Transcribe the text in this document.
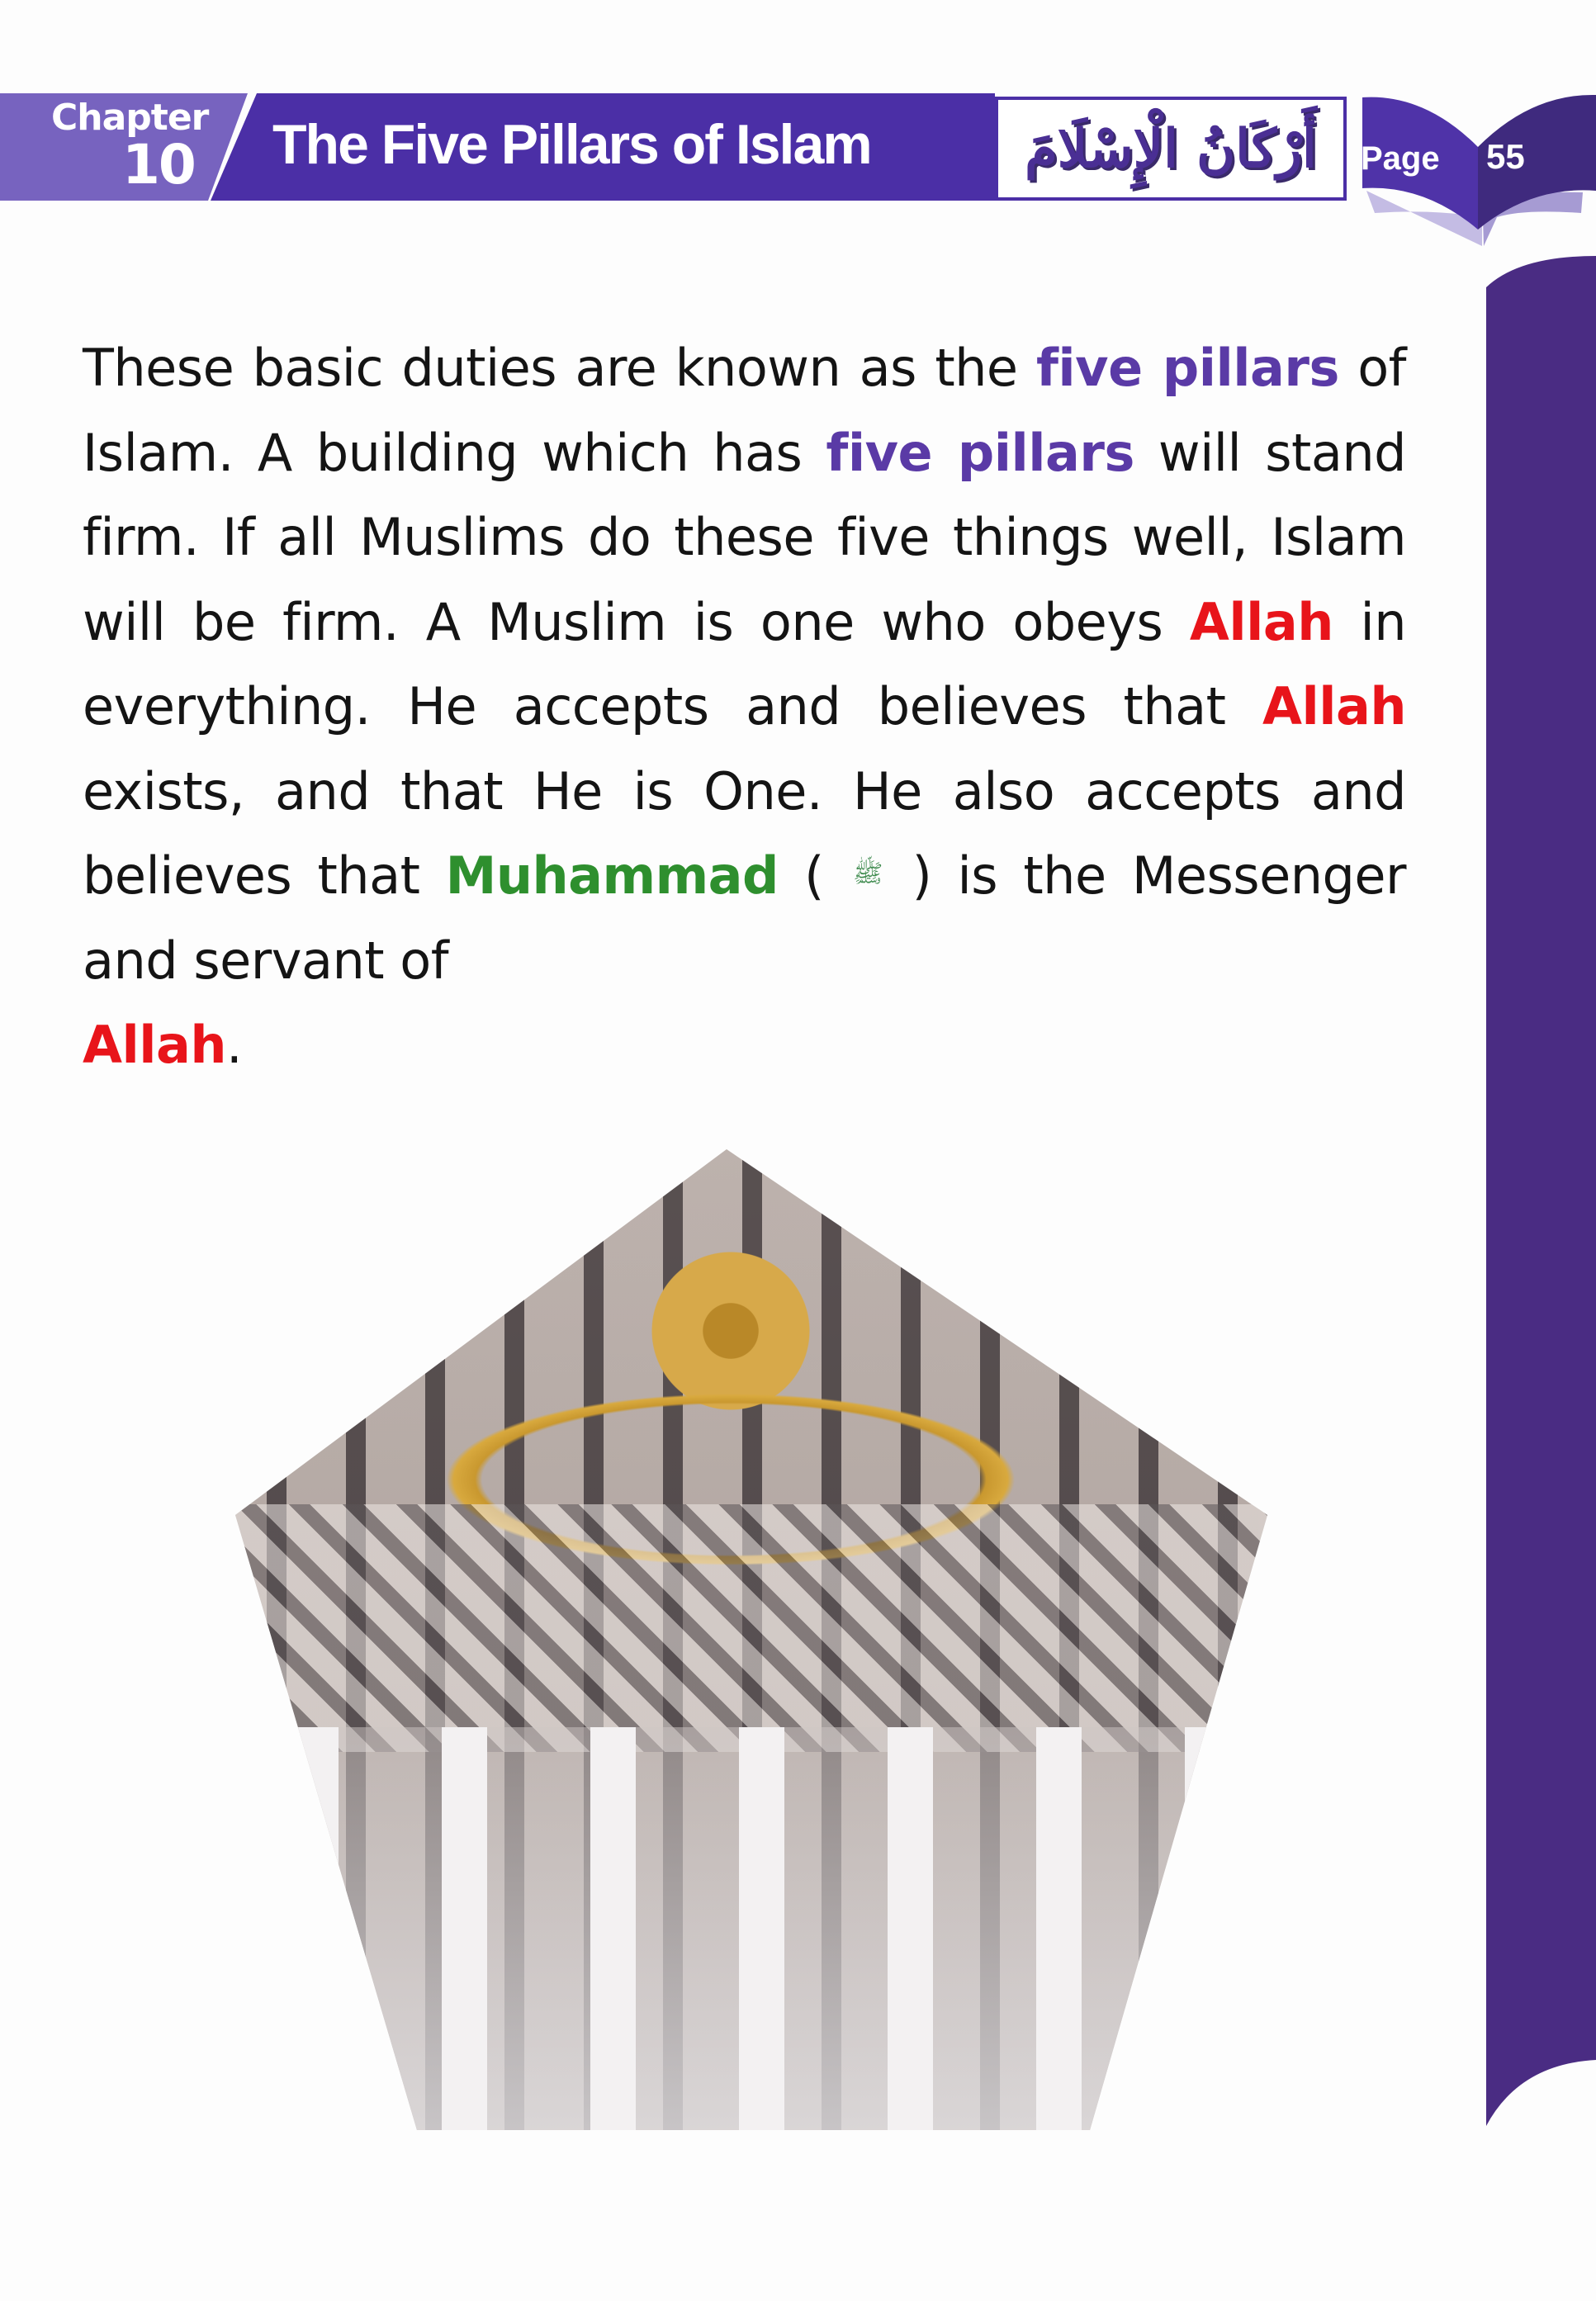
Chapter
10 The Five Pillars of Islam	أَرْكَانُ الْإِسْلَامَ Page 55
These basic duties are known as the five pillars of Islam. A building which has five pillars will stand firm. If all Muslims do these five things well, Islam will be firm. A Muslim is one who obeys Allah in everything. He accepts and believes that Allah exists, and that He is One. He also accepts and believes that Muhammad ( ﷺ ) is the Messenger and servant of
Allah.
